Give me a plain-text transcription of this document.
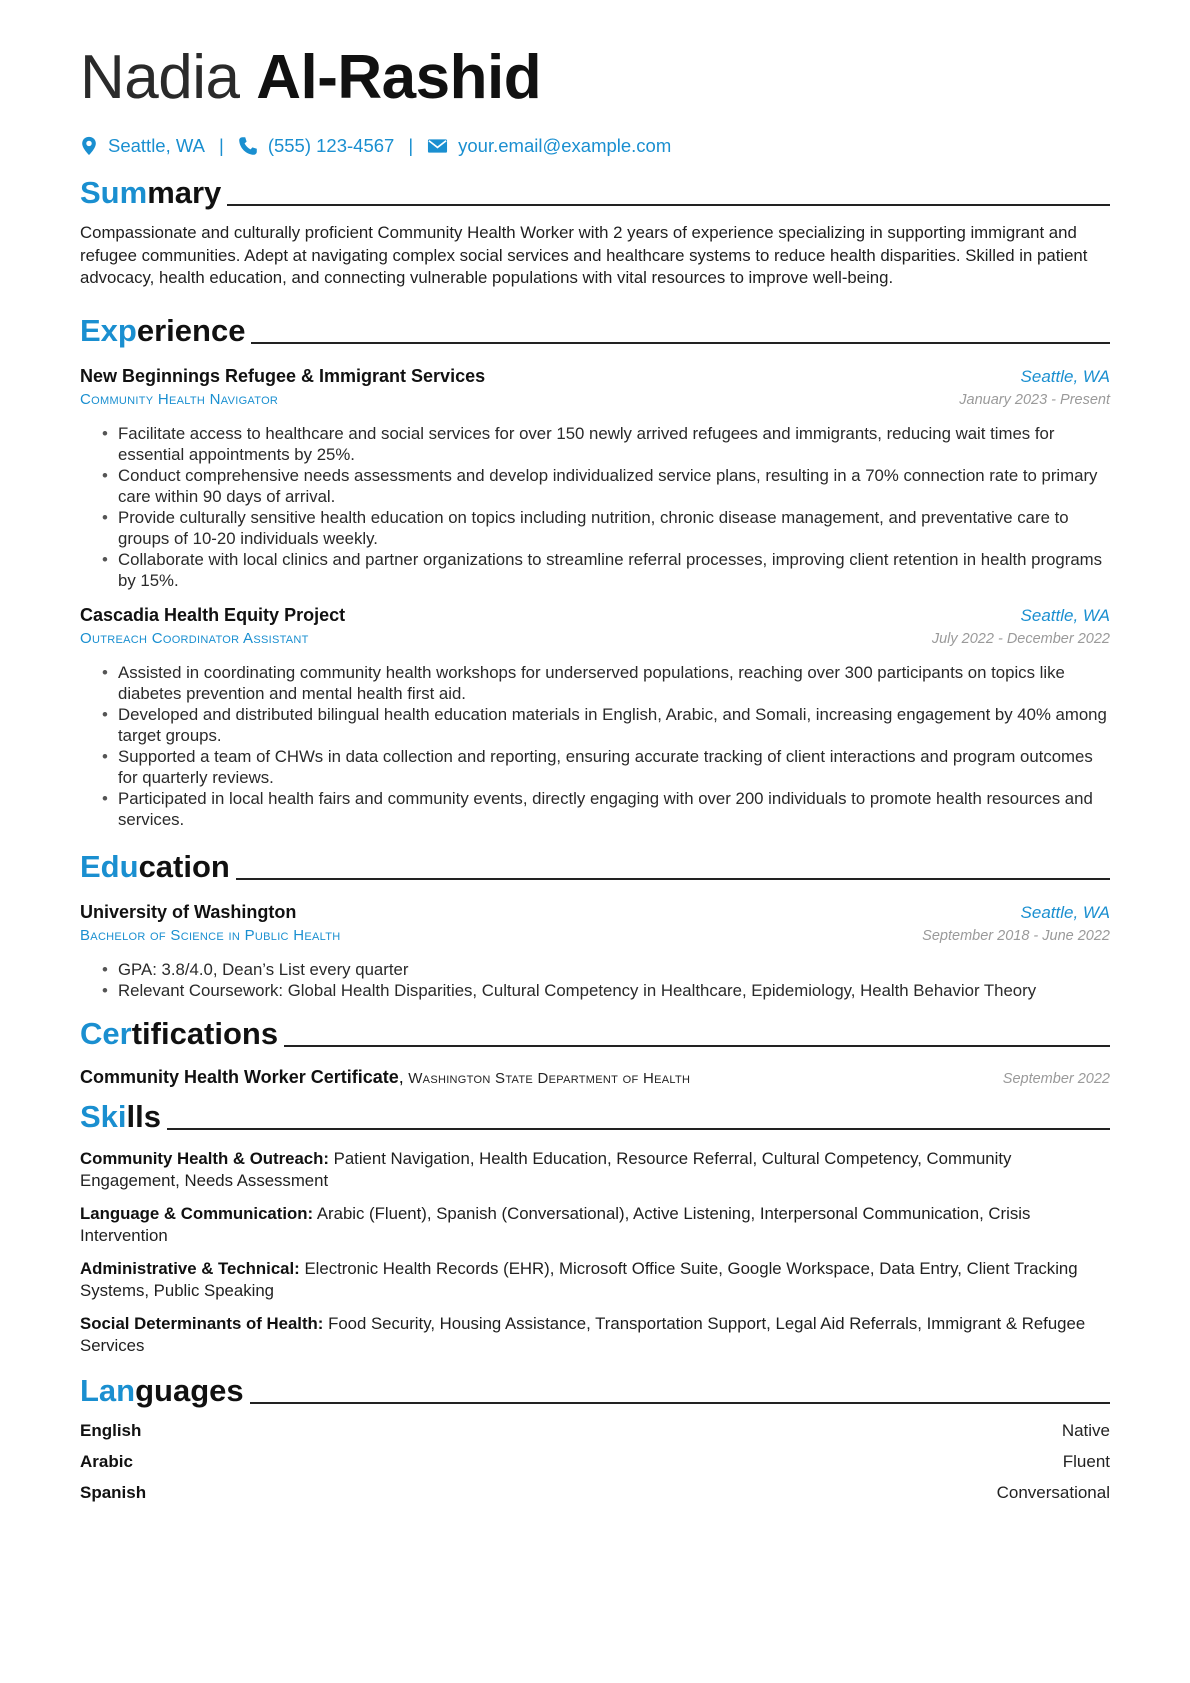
Nadia Al-Rashid
Seattle, WA | (555) 123-4567 | your.email@example.com
Summary
Compassionate and culturally proficient Community Health Worker with 2 years of experience specializing in supporting immigrant and refugee communities. Adept at navigating complex social services and healthcare systems to reduce health disparities. Skilled in patient advocacy, health education, and connecting vulnerable populations with vital resources to improve well-being.
Experience
New Beginnings Refugee & Immigrant Services	Seattle, WA
Community Health Navigator	January 2023 - Present
• Facilitate access to healthcare and social services for over 150 newly arrived refugees and immigrants, reducing wait times for essential appointments by 25%.
• Conduct comprehensive needs assessments and develop individualized service plans, resulting in a 70% connection rate to primary care within 90 days of arrival.
• Provide culturally sensitive health education on topics including nutrition, chronic disease management, and preventative care to groups of 10-20 individuals weekly.
• Collaborate with local clinics and partner organizations to streamline referral processes, improving client retention in health programs by 15%.
Cascadia Health Equity Project	Seattle, WA
Outreach Coordinator Assistant	July 2022 - December 2022
• Assisted in coordinating community health workshops for underserved populations, reaching over 300 participants on topics like diabetes prevention and mental health first aid.
• Developed and distributed bilingual health education materials in English, Arabic, and Somali, increasing engagement by 40% among target groups.
• Supported a team of CHWs in data collection and reporting, ensuring accurate tracking of client interactions and program outcomes for quarterly reviews.
• Participated in local health fairs and community events, directly engaging with over 200 individuals to promote health resources and services.
Education
University of Washington	Seattle, WA
Bachelor of Science in Public Health	September 2018 - June 2022
• GPA: 3.8/4.0, Dean’s List every quarter
• Relevant Coursework: Global Health Disparities, Cultural Competency in Healthcare, Epidemiology, Health Behavior Theory
Certifications
Community Health Worker Certificate, Washington State Department of Health	September 2022
Skills
Community Health & Outreach: Patient Navigation, Health Education, Resource Referral, Cultural Competency, Community Engagement, Needs Assessment
Language & Communication: Arabic (Fluent), Spanish (Conversational), Active Listening, Interpersonal Communication, Crisis Intervention
Administrative & Technical: Electronic Health Records (EHR), Microsoft Office Suite, Google Workspace, Data Entry, Client Tracking Systems, Public Speaking
Social Determinants of Health: Food Security, Housing Assistance, Transportation Support, Legal Aid Referrals, Immigrant & Refugee Services
Languages
English	Native
Arabic	Fluent
Spanish	Conversational
